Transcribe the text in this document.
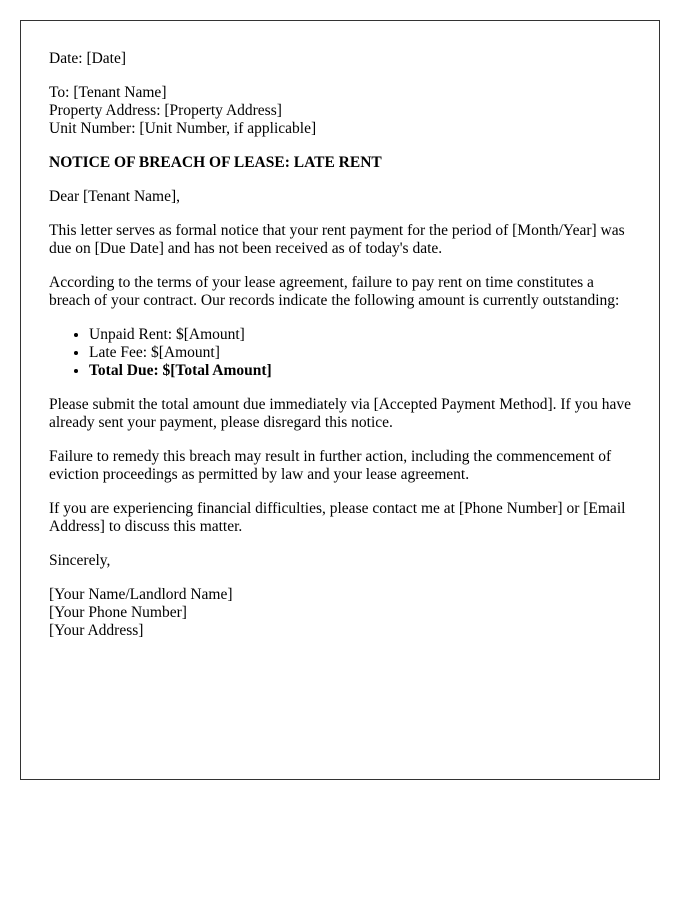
Date: [Date]

To: [Tenant Name]
Property Address: [Property Address]
Unit Number: [Unit Number, if applicable]

NOTICE OF BREACH OF LEASE: LATE RENT

Dear [Tenant Name],

This letter serves as formal notice that your rent payment for the period of [Month/Year] was due on [Due Date] and has not been received as of today's date.

According to the terms of your lease agreement, failure to pay rent on time constitutes a breach of your contract. Our records indicate the following amount is currently outstanding:

• Unpaid Rent: $[Amount]
• Late Fee: $[Amount]
• Total Due: $[Total Amount]

Please submit the total amount due immediately via [Accepted Payment Method]. If you have already sent your payment, please disregard this notice.

Failure to remedy this breach may result in further action, including the commencement of eviction proceedings as permitted by law and your lease agreement.

If you are experiencing financial difficulties, please contact me at [Phone Number] or [Email Address] to discuss this matter.

Sincerely,

[Your Name/Landlord Name]
[Your Phone Number]
[Your Address]
